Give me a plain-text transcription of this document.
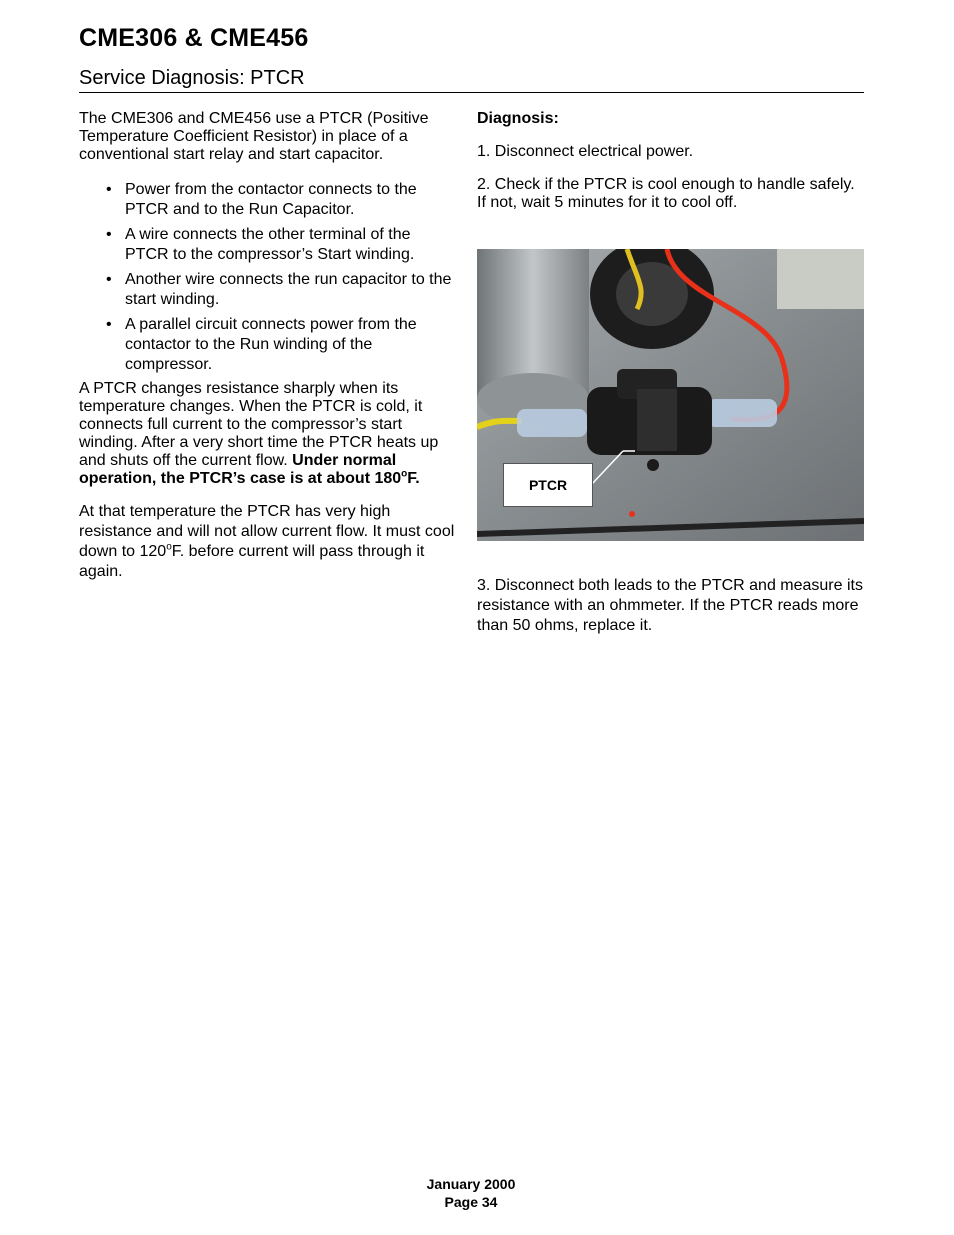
CME306 & CME456
Service Diagnosis: PTCR

The CME306 and CME456 use a PTCR (Positive Temperature Coefficient Resistor) in place of a conventional start relay and start capacitor.

• Power from the contactor connects to the PTCR and to the Run Capacitor.
• A wire connects the other terminal of the PTCR to the compressor’s Start winding.
• Another wire connects the run capacitor to the start winding.
• A parallel circuit connects power from the contactor to the Run winding of the compressor.

A PTCR changes resistance sharply when its temperature changes. When the PTCR is cold, it connects full current to the compressor’s start winding. After a very short time the PTCR heats up and shuts off the current flow. Under normal operation, the PTCR’s case is at about 180$^o$F.

At that temperature the PTCR has very high resistance and will not allow current flow. It must cool down to 120$^o$F. before current will pass through it again.

Diagnosis:

1. Disconnect electrical power.

2. Check if the PTCR is cool enough to handle safely. If not, wait 5 minutes for it to cool off.

PTCR

3. Disconnect both leads to the PTCR and measure its resistance with an ohmmeter. If the PTCR reads more than 50 ohms, replace it.

January 2000
Page 34
